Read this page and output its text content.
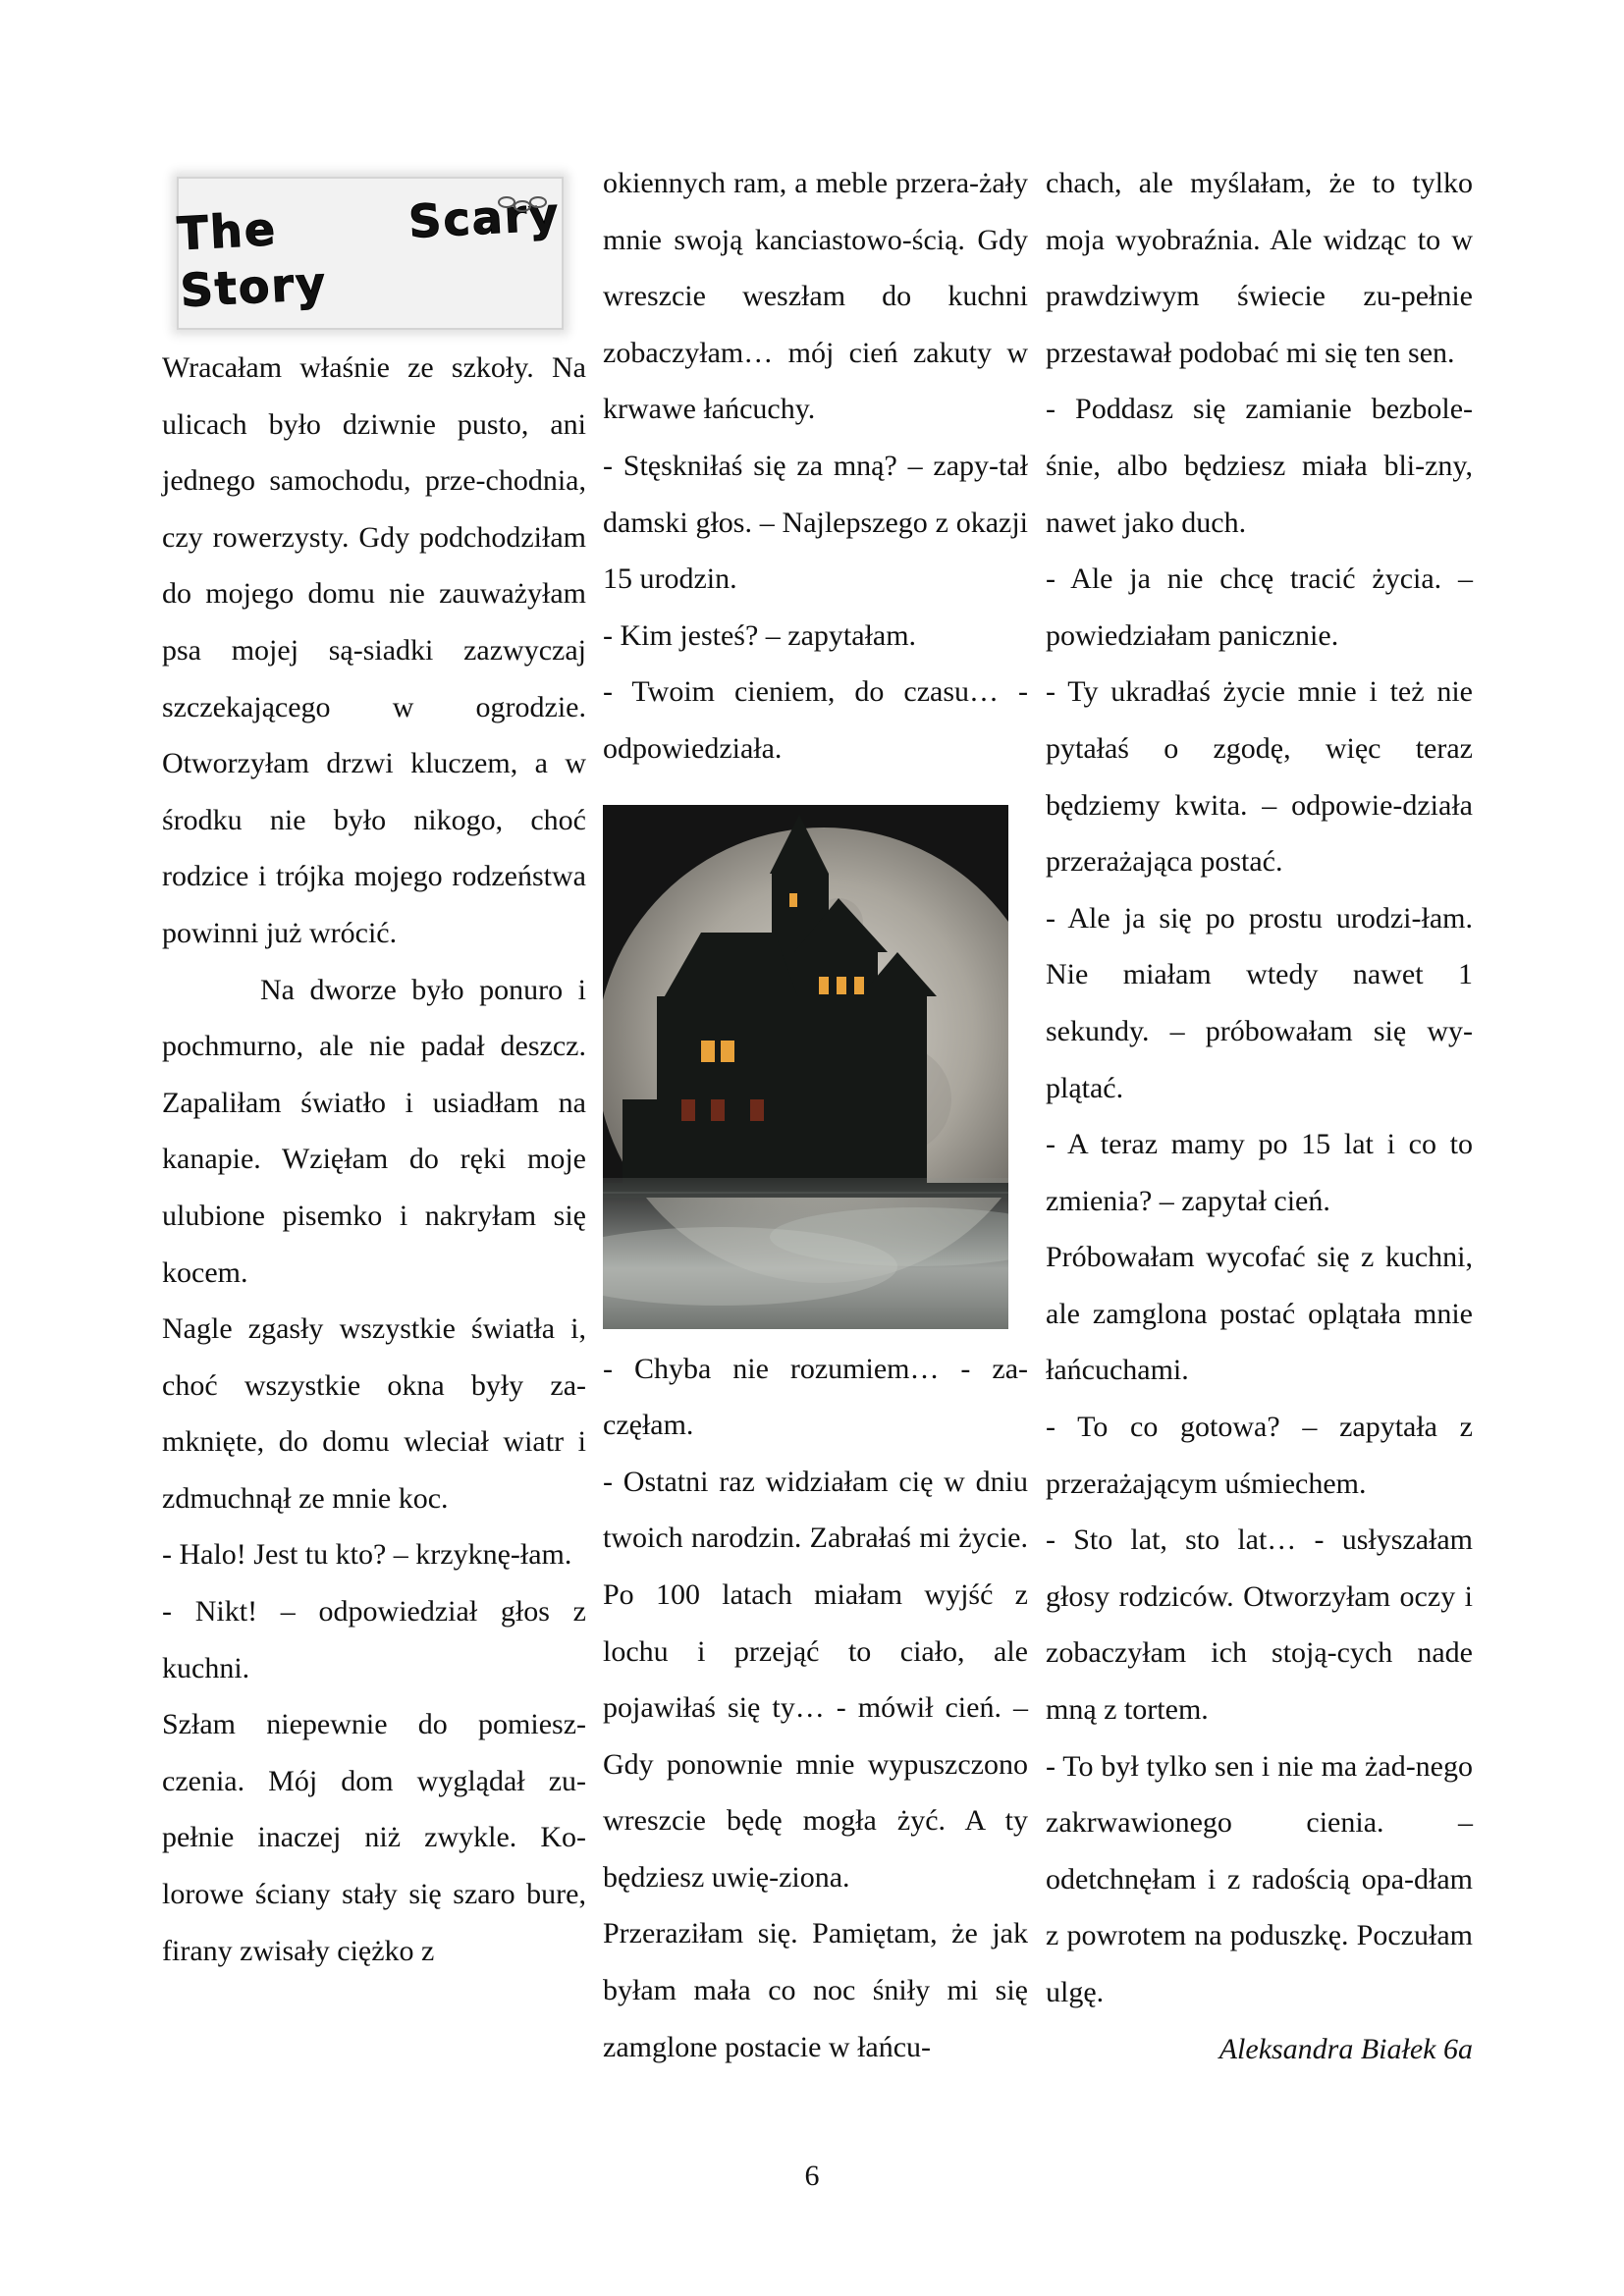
The Scary Story

Wracałam właśnie ze szkoły. Na ulicach było dziwnie pusto, ani jednego samochodu, prze-chodnia, czy rowerzysty. Gdy podchodziłam do mojego domu nie zauważyłam psa mojej są-siadki zazwyczaj szczekającego w ogrodzie. Otworzyłam drzwi kluczem, a w środku nie było nikogo, choć rodzice i trójka mojego rodzeństwa powinni już wrócić.

Na dworze było ponuro i pochmurno, ale nie padał deszcz. Zapaliłam światło i usiadłam na kanapie. Wzięłam do ręki moje ulubione pisemko i nakryłam się kocem.

Nagle zgasły wszystkie światła i, choć wszystkie okna były za-mknięte, do domu wleciał wiatr i zdmuchnął ze mnie koc.

- Halo! Jest tu kto? – krzyknę-łam.

- Nikt! – odpowiedział głos z kuchni.

Szłam niepewnie do pomiesz-czenia. Mój dom wyglądał zu-pełnie inaczej niż zwykle. Ko-lorowe ściany stały się szaro bure, firany zwisały ciężko z

okiennych ram, a meble przera-żały mnie swoją kanciastowo-ścią. Gdy wreszcie weszłam do kuchni zobaczyłam… mój cień zakuty w krwawe łańcuchy.

- Stęskniłaś się za mną? – zapy-tał damski głos. – Najlepszego z okazji 15 urodzin.

- Kim jesteś? – zapytałam.

- Twoim cieniem, do czasu… - odpowiedziała.

- Chyba nie rozumiem… - za-częłam.

- Ostatni raz widziałam cię w dniu twoich narodzin. Zabrałaś mi życie. Po 100 latach miałam wyjść z lochu i przejąć to ciało, ale pojawiłaś się ty… - mówił cień. – Gdy ponownie mnie wypuszczono wreszcie będę mogła żyć. A ty będziesz uwię-ziona.

Przeraziłam się. Pamiętam, że jak byłam mała co noc śniły mi się zamglone postacie w łańcu-

chach, ale myślałam, że to tylko moja wyobraźnia. Ale widząc to w prawdziwym świecie zu-pełnie przestawał podobać mi się ten sen.

- Poddasz się zamianie bezbole-śnie, albo będziesz miała bli-zny, nawet jako duch.

- Ale ja nie chcę tracić życia. – powiedziałam panicznie.

- Ty ukradłaś życie mnie i też nie pytałaś o zgodę, więc teraz będziemy kwita. – odpowie-działa przerażająca postać.

- Ale ja się po prostu urodzi-łam. Nie miałam wtedy nawet 1 sekundy. – próbowałam się wy-plątać.

- A teraz mamy po 15 lat i co to zmienia? – zapytał cień.

Próbowałam wycofać się z kuchni, ale zamglona postać oplątała mnie łańcuchami.

- To co gotowa? – zapytała z przerażającym uśmiechem.

- Sto lat, sto lat… - usłyszałam głosy rodziców. Otworzyłam oczy i zobaczyłam ich stoją-cych nade mną z tortem.

- To był tylko sen i nie ma żad-nego zakrwawionego cienia. – odetchnęłam i z radością opa-dłam z powrotem na poduszkę. Poczułam ulgę.

Aleksandra Białek 6a

6
